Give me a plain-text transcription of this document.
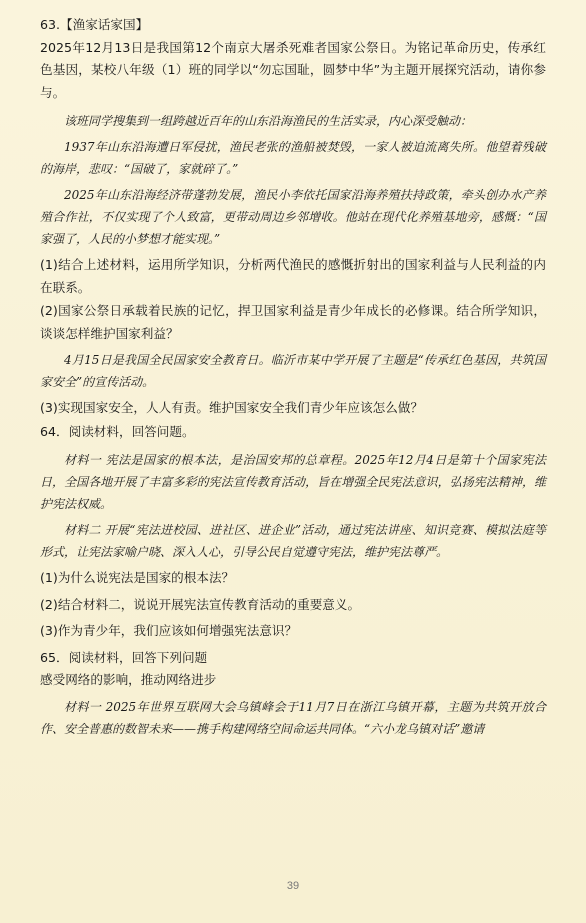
63.【渔家话家国】

2025年12月13日是我国第12个南京大屠杀死难者国家公祭日。为铭记革命历史，传承红色基因，某校八年级（1）班的同学以“勿忘国耻，圆梦中华”为主题开展探究活动，请你参与。

该班同学搜集到一组跨越近百年的山东沿海渔民的生活实录，内心深受触动：

1937年山东沿海遭日军侵扰，渔民老张的渔船被焚毁，一家人被迫流离失所。他望着残破的海岸，悲叹：“国破了，家就碎了。”

2025年山东沿海经济带蓬勃发展，渔民小李依托国家沿海养殖扶持政策，牵头创办水产养殖合作社，不仅实现了个人致富，更带动周边乡邻增收。他站在现代化养殖基地旁，感慨：“国家强了，人民的小梦想才能实现。”

(1)结合上述材料，运用所学知识，分析两代渔民的感慨折射出的国家利益与人民利益的内在联系。

(2)国家公祭日承载着民族的记忆，捍卫国家利益是青少年成长的必修课。结合所学知识，谈谈怎样维护国家利益？

4月15日是我国全民国家安全教育日。临沂市某中学开展了主题是“传承红色基因，共筑国家安全”的宣传活动。

(3)实现国家安全，人人有责。维护国家安全我们青少年应该怎么做？

64．阅读材料，回答问题。

材料一 宪法是国家的根本法，是治国安邦的总章程。2025年12月4日是第十个国家宪法日，全国各地开展了丰富多彩的宪法宣传教育活动，旨在增强全民宪法意识，弘扬宪法精神，维护宪法权威。

材料二 开展“宪法进校园、进社区、进企业”活动，通过宪法讲座、知识竞赛、模拟法庭等形式，让宪法家喻户晓、深入人心，引导公民自觉遵守宪法，维护宪法尊严。

(1)为什么说宪法是国家的根本法？

(2)结合材料二，说说开展宪法宣传教育活动的重要意义。

(3)作为青少年，我们应该如何增强宪法意识？

65．阅读材料，回答下列问题

感受网络的影响，推动网络进步

材料一 2025年世界互联网大会乌镇峰会于11月7日在浙江乌镇开幕，主题为共筑开放合作、安全普惠的数智未来——携手构建网络空间命运共同体。“六小龙乌镇对话”邀请

39
